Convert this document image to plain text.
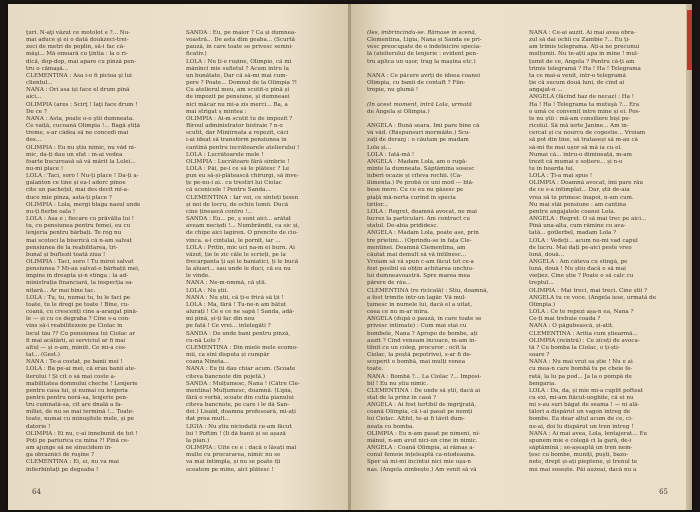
ţuri. N-aţi văzut ce motolot e ?... Nu-
mai aduce şi ei o dată doukzeci-trei-
zeci de metri de poplin, să-i fac că-
măşi... Mă omoară cu ţintia : la o ri-
dică, dop-dop, mai apare cu pinză pen-
tru o cămaşă...
CLEMENTINA : Asa i-o fi picioa şi lui
clientul...
NANA : Ori asa iși face el drum pînă
aici...
OLIMPIA (ares : Scîrţ ! Iaţi face drum !
De ce ?
NANA : Asta, poate o-o ştii dumneata.
Ce vaiță, cucoană Olimpia !... Bagă știță
treme, s-ar cădea să ne concedi mai
des...
OLIMPIA : Eu nu știu nimic, nu văd ni-
mic, da-ți dau un sfat : m-ai vedea
foarte bucuroasă să vă mărit la Lolei...
nu-mi place !
LOLA : Taci, soro ! Nu-ți place ! Da-ți a-
galanton ce tine și ea-l adorc pînoe
cîte un pachețel, mai des decît mi-a-
duce mie pînza, asta-ți place ?
OLIMPIA : Lola, mergi blaga nasul unde
nu-ți fierbe oala !
LOLA : Asa e ; fiecare cu prăvălia lui !
tu, cu pensiunea pentru femei, eu cu
lenjeria pentru bărbați. Te rog nu
mai scotoci la biserică că n-am salvat
pensiunea de la reabilitarea, tri-
bunal și buftezii toată ziua !
OLIMPIA : Taci, soro ! Tu miroi salvat
pensiunea ? Mi-au salvat-o bărbații mei,
împins în dreapta și-n stînga : la ad-
ministrația financiară, la inspecția sa-
nitară... Ar mai bine tac.
LOLA : Tu, tu, numai tu, tu le faci pe
toate, tu le dregi pe toate ! Bine, cu-
coană, cu crescenți cine a-aranjat pînă-
le — și cu ce degraba ? Cine s-a con-
vins să-i reabilitezeze pe Ciolac în
locul tău ?? Cu pensiunea lui Ciolac ar
fi mai acătării, ai serviciul ar fi mai
altul — și o-am, miniît. Ce mi-a cos-
tat... (Gest.)
NANA : Te-a costat, pe banii mei !
LOLA : Ba pe-ai mei, că erau banii ate-
lierului ! Și cît o să mai coste a-
mabilitatea domnului cheche ! Lenjerie
pentru casa lui, și numai cu lenjeria
pentru pentru noră-sa, lenjerie pen-
tru cumnată-sa, cît are dnală a fa-
miliei, de nu se mai termină !... Toate-
toate, numai cu mînuşitele mele, și pe
datorie !
OLIMPIA : Ei nu, c-ai înnebunit de tot !
Poți pe pariurica cu mîna ?! Pînă ce-
am ajunge să ne sinucidem în-
ga obraznici de ruşine ?
CLEMENTINA : Ei, ei, nu va mai
înfierbîntați pe degeaba !
SANDA : Eu, pe maior ? Ca și dumnea-
voastră... De asta dim geaba... (Scurtă
pauză, în care toate se privesc semni-
ficativ.)
LOLA : Nu ți-e rușine, Olimpio, că mi
mănînci mie sufletul ? Acum intru la
un bunătate, Dar că să-mi mai cum-
pere ? Poate... Domnul de la Olimpia ?!
Cu atelierul meu, am scutit-o pînă și
de impozit pe pensiune, și dumneaei
nici măcar nu mi-a zis merci... Ba, a
mai strigat ș mintea :
OLIMPIA : Ai-m scutit tu de impozit ?
Biroul administrator bistraie ? n-o
scutit, dar Miniîrnata a repezit, căci
i-ai ideat să transform pensiunea în
cantină pentru iucrătoarele atelierului !
LOLA : Lucrătoarele mele !
OLIMPIA : Lucrătoare fără simbrie !
LOLA : Păi, pe-i ce să le plătesc ? Le
pun eu să-și-plătească chirurgi, să înve-
țe pe-nu-i ai.. cu trestiri lui Ciolac
că ucenicele ! Pentru Sanda...
CLEMENTINA : Iar voi, ce sînteți țesen
și noi de locru, de ochiu lumii. Ducă
cine ținească contro !...
SANDA : Eu... pe, ș sunt aici... arătat
aveam necișdi !... Numbrăndii, ca sic și,
de chipe aici lagiren. O prencite de cio-
vinca. a-i cîntalai, le pornit, iar ...
LOLA : Pritin, mic uci na-m ei burn. Ai
văzut, ție le zic căle le scrieți, pe la
frecarpanta ți ași le baniatici, ți le bucă
la aluari... sau unde le duci, că eu nu
le vinde.
NANA : Ne-m-nmmă, că știi.
LOLA : Nu știi.
NANA : Nu știi, că ți-e frică să ții !
LOLA : Ma, fără ! Tu-ne-n am bătut
alurați ! Ce e ce ne sapă ! Sanda, adă-
mi pînă, și-ți fac din nou
pe fată ! Ce vrei... intelegăti ?
SANDA : De unde bani pentru pînză,
cu-nă Lolo ?
CLEMENTINA : Din miele mele ecomo-
mii, ca sini disputa și cumpăr
coana Nineta...
NANA : Eu ții dau chiar acum. (Scoate
cîteva bancnote din pojetă.)
SANDA : Mulțumesc, Nana ! (Către Cle-
mentina) Mulțumesc, doamnă. (Lipia,
fără o vorbă, scoate din cutia pianului
cîteva bancnote, pe care i le dă San-
dei.) Lisaid, doamna profesoară, mi-ați
dat prea mult...
LIGIA : Nu știu niciodată ce-am făcut
lui ! Poftim ! (Îi dă banii și se așază
la pian.)
OLIMPIA : Uite ce e : dacă o lăsați mai
multe cu procurarea, nimic nu se
va mai întîmpla, și nu se poate îți
scoatem pe mine, aici plătesc !
64
(Ies, îmbrîncindu-se. Rămase în scenă,
Clementina, Ligia, Nana și Sanda se pri-
vesc preocupate de o îndelnicire specia-
lă (atelierului de lenjerie : evident pen-
tru aplica un ușor, trag la mașina etc.)

NANA : Ce păcere avrți de ideea coanei
Olimpia, cu banii de contaft ? Fiin-
tropie, nu glumă !

(În acest moment, intră Lola, urmată
de Angela și Olimpia.)

ANGELA : Bună seara. Îmi pare bine că
vă văd. (Răspunsuri mormăite.) Scu-
zați de deranj : o căutam pe madam
Lola și...
LOLA : Iată-mă !
ANGELA : Madam Lola, am o rugă-
minte la dumneata. Săptămîna sosesc
iuberi ocazie și cîteva rochii. (Ca-
ilimenta.) Pe probă ce uni mod — blă-
bese mere. Cu ce eu nu găsesc pe
piață mă-nerta curînd în specia
tirilor...
LOLA : Regret, doamnă avocat, ne mai
lucrez la particulari. Am contract cu
statul. De-abia prididesc.
ANGELA : Madam Lola, poate ase, prin
tre prietini... (Oprindu-se în fața Cle-
mentinei. Doamnă Clementina, am
căutat mai demult să vă întîlnesc...
Vroiam să vă spun c-am făcut tot ce-a
fost posibil să obțin achitarea unchiu-
lui dumneavoastră. Spre marea mea
părere de rău...
CLEMENTINA (re ricicală) : Stiu, doamnă,
a fost trimite într-un lagăr. Vă mul-
țumesc în numele lui, dacă el a uitat,
ceea ce nu m-ar mira.
ANGELA (după o pauză, în care toate se
privesc intimate) : Cum mai stai cu
bombele, Nana ? Apropo de bombe, ați
auzit ? Cînd veneam încoace, m-am în-
tîlnit cu un coleg, procuror : ocît la
Ciolac, la poștă pepotrivei, s-ar fi de-
scoperit o bombă, mai mulți venea
toate.
NANA : Bombă ?... La Ciolac ?... Imposi-
bil ! Eu nu știu nimic.
CLEMENTINA : De unde să știi, dacă ai
stat de la prînz în casă ?
ANGELA : Ai fost tertibil de îngrijrată,
coană Olimpia, că i-ai pasat pe nemți
lui Ciolac. Altfel, te-ai fi tăvit dum-
neata cu bomba.
OLIMPIA : Eu n-am pasat pe nimeni, ni-
mănui, n-am avut nici-un cine în nimic.
ANGELA : Coană Olimpia, ai rămas a-
conul femeie înțeleaptă ca-ntodeauna.
Sper să mi-mi încîntui nici mie ușa-n
nas. (Angela zîmbește.) Am venit să vă
NANA : Ce-ai auzit. Ai mai avea obra-
zul să dai ochii cu Zambie ?... Eu ți-
am trimis telegrama. Ați-a ne precunui
mulțumii. Nu te-ațti apa în mine ! mul-
țumit de ce, Angela ? Pentru că-ți am
trimis telegramă ? Ha ! Ha ! Telegrama
ta ce mai-a venit, într-o telegramă
ție că sucum două luni, de cînd ai
angajat-o ...
ANGELA (făcînd haz de necaz) : Ha !
Ha ! Ha ! Telegrama ta mutuşă ?... Era
o umă ce convenit între mine și ei. Pos-
te nu știi : mă-am consiliere biși pe-
ricolul. Să mă ierte Janine... Am în-
cercat și cu nourcu de cogestie... Vroiam
să pot din tine, să trataseși să m-au că
să-mi fie mai ușor să mă ia cu el.
Numai că... întru-o dimineață, m-am
trezit că mumai e soțiere... și n-o
tu în hoarda lui.
LOLA : Ți-a mai spus !
OLIMPIA : Doamnă avocat, îmi pare rău
de ce s-a întîmplat... Dar, știi de-aia
vrea să te primesc înapoi, n-am cum.
Nu mai stăi pensiune : am cantina
pentru angajatele coanei Lola.
ANGELA : Regret. O să mai trec pe aici...
Pînă una-alta, cum rămîne cu ava-
tată... gotlerbel, madam Lola ?
LOLA : Vedeți... acum nu-mi vad capul
de lucru. Mai dați pe-aici peste vreo
lună, două...
ANGELA : Am câteva cu stingă, pe
lună, două ! Nu știu dacă o să mai
viețiez. Cine știe ? Poate o să calc cu
treptul...
OLIMPIA : Mai treci, mai treci. Cine știi ?
ANGELA tu ce voce. (Angela iese, urmată de
Olimpia.)
LOLA : Ce te repezi așa-n ea, Nana ?
Ce-ți mai trebuie coada ?
NANA : O păgubească, și-atît.
CLEMENTINA : Aritia cum știearmă...
OLIMPIA (reintră) : Ce zîceți de avoca-
tă ? Cu bomba la Ciolac, o ți-ști-
soare ?
NANA : Nu mai vrut sa știe ! Nu e ai
cu mea-n care bombă tu pe cheie fe-
rată, la lu pa pod... Ja la o pompă de
bengaria.
LOLA : Da, da, și mie mi-a cuplit pofteat
cu exi, mi-am fiăcut-uoghile, că ei nu
mi s-au suri băgat de seama ! — ni ală-
tălori a dispărut un vagon întreg de
bombe. Ea dear altul acum de ce, ci-
ne-ai, doi lu dispărut un tren întreg !
NANA : Ai mai avea, Lola, lentajerat... Eu
spunem mie e colegă ci la gară, de-i
săptămînă ; se-așeaptă un tren nem-
țesc cu bombe, muniți, puști, bazo-
nete, drept și-ați pieptene, și trenul te
mu mai sosește. Păi auzeai, dacă nu a
65
